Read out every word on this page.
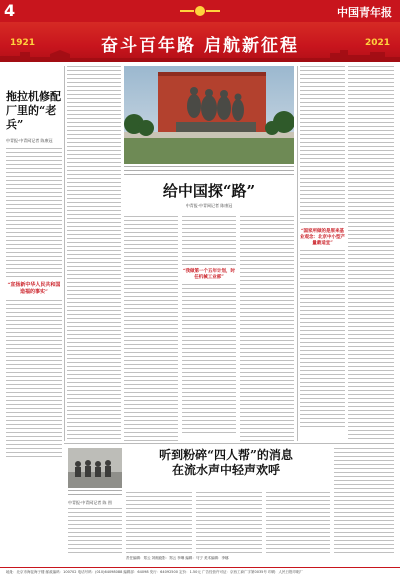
4	中国青年报
1921	奋斗百年路 启航新征程	2021
拖拉机修配厂里的“老兵”
中青报·中青网记者 陈康冠
“宣扬新中华人民共和国造福的事实”
给中国探“路”
中青报·中青网记者 陈康冠
“我做第一个五年计划，时任机械工业部”
“国家所做的是原来基业观念：北京中小型产量最适宜”
听到粉碎“四人帮”的消息
在流水声中轻声欢呼
中青报·中青网记者 陈 图
责任编辑：郑云 刘湘旋影：郑云 李琳 编辑：马宁 美术编辑：李娜
地址：北京市海淀海子楼 邮政编码：100702 电话号码：(010)64098088 编辑部：64098 发行：64092500 定价：1.50元 广告经营许可证：京西工商广字第0035号 印刷：人民日报印刷厂
